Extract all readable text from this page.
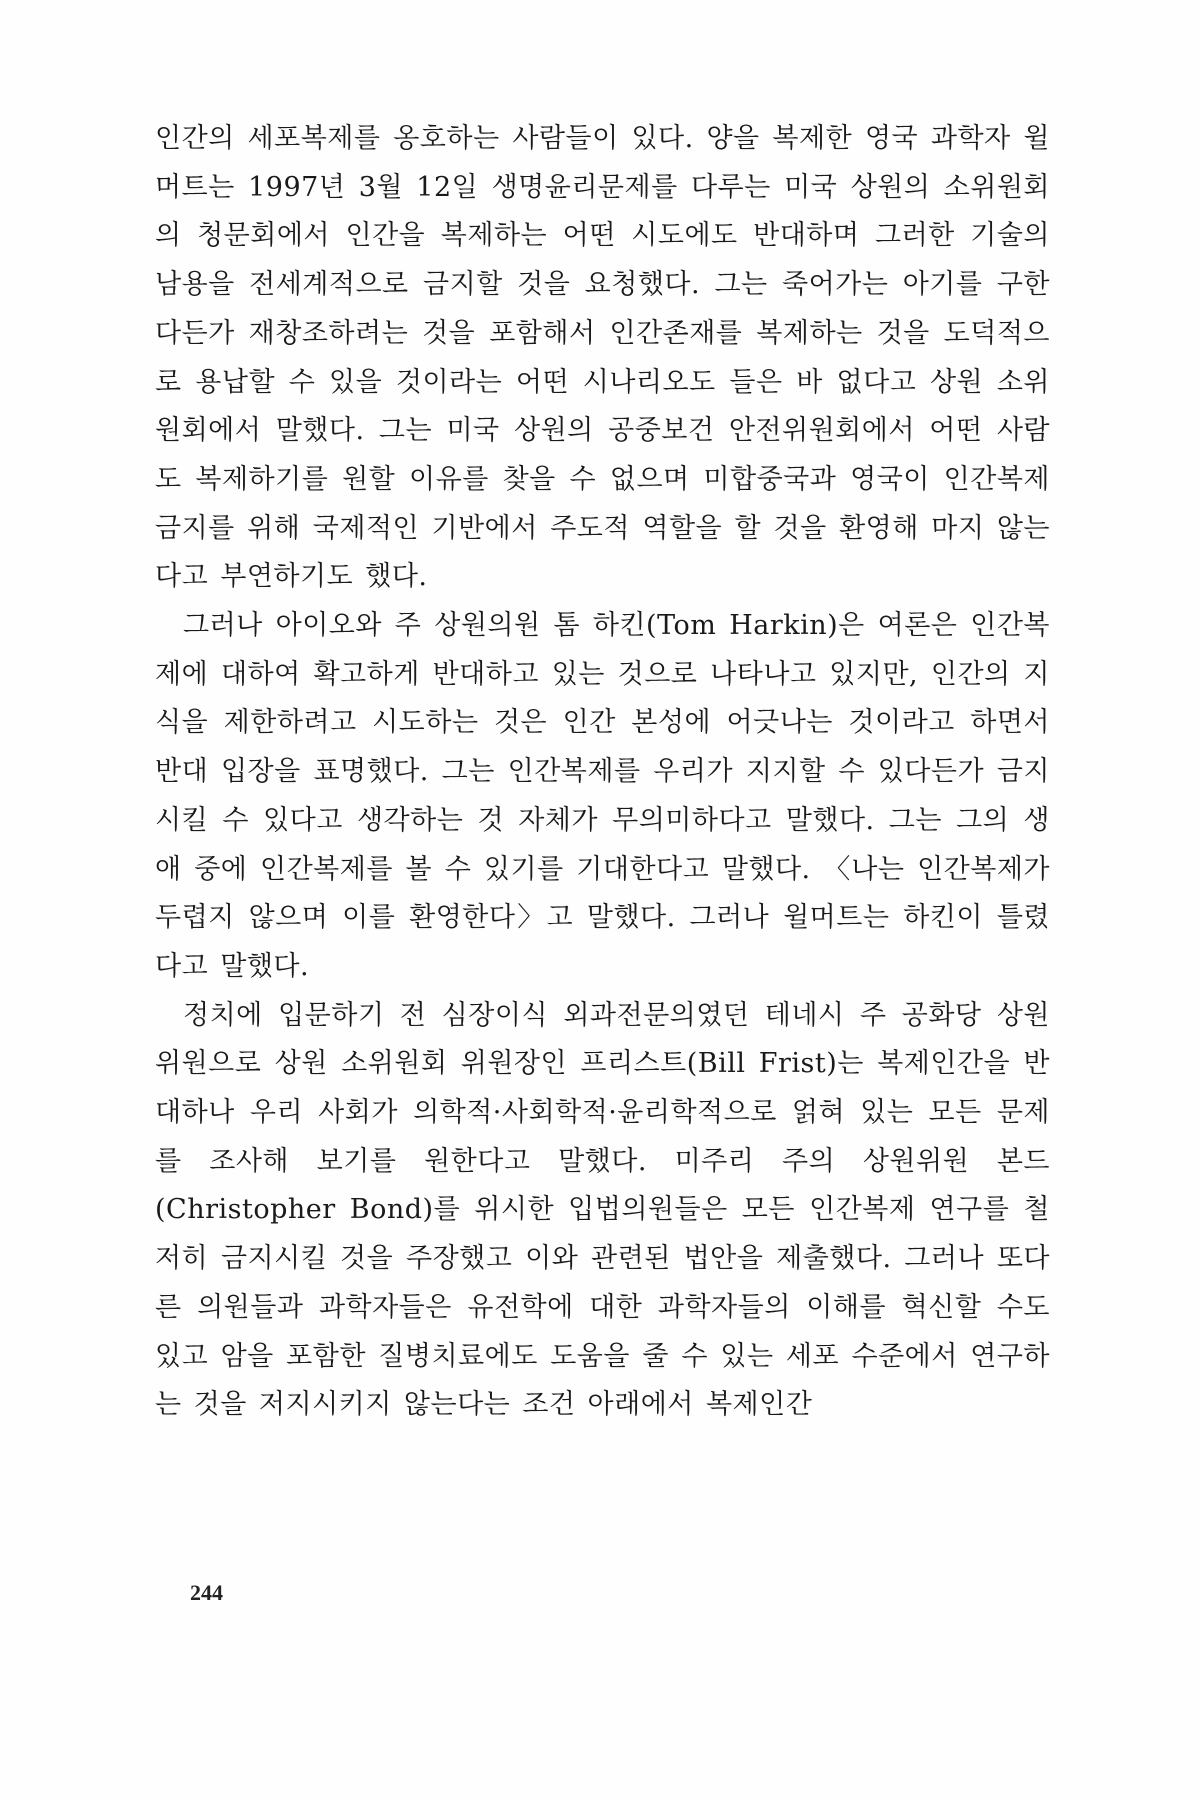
인간의 세포복제를 옹호하는 사람들이 있다. 양을 복제한 영국 과학자 윌머트는 1997년 3월 12일 생명윤리문제를 다루는 미국 상원의 소위원회의 청문회에서 인간을 복제하는 어떤 시도에도 반대하며 그러한 기술의 남용을 전세계적으로 금지할 것을 요청했다. 그는 죽어가는 아기를 구한다든가 재창조하려는 것을 포함해서 인간존재를 복제하는 것을 도덕적으로 용납할 수 있을 것이라는 어떤 시나리오도 들은 바 없다고 상원 소위원회에서 말했다. 그는 미국 상원의 공중보건 안전위원회에서 어떤 사람도 복제하기를 원할 이유를 찾을 수 없으며 미합중국과 영국이 인간복제 금지를 위해 국제적인 기반에서 주도적 역할을 할 것을 환영해 마지 않는다고 부연하기도 했다.

그러나 아이오와 주 상원의원 톰 하킨(Tom Harkin)은 여론은 인간복제에 대하여 확고하게 반대하고 있는 것으로 나타나고 있지만, 인간의 지식을 제한하려고 시도하는 것은 인간 본성에 어긋나는 것이라고 하면서 반대 입장을 표명했다. 그는 인간복제를 우리가 지지할 수 있다든가 금지시킬 수 있다고 생각하는 것 자체가 무의미하다고 말했다. 그는 그의 생애 중에 인간복제를 볼 수 있기를 기대한다고 말했다. 〈나는 인간복제가 두렵지 않으며 이를 환영한다〉고 말했다. 그러나 윌머트는 하킨이 틀렸다고 말했다.

정치에 입문하기 전 심장이식 외과전문의였던 테네시 주 공화당 상원위원으로 상원 소위원회 위원장인 프리스트(Bill Frist)는 복제인간을 반대하나 우리 사회가 의학적·사회학적·윤리학적으로 얽혀 있는 모든 문제를 조사해 보기를 원한다고 말했다. 미주리 주의 상원위원 본드(Christopher Bond)를 위시한 입법의원들은 모든 인간복제 연구를 철저히 금지시킬 것을 주장했고 이와 관련된 법안을 제출했다. 그러나 또다른 의원들과 과학자들은 유전학에 대한 과학자들의 이해를 혁신할 수도 있고 암을 포함한 질병치료에도 도움을 줄 수 있는 세포 수준에서 연구하는 것을 저지시키지 않는다는 조건 아래에서 복제인간

244
